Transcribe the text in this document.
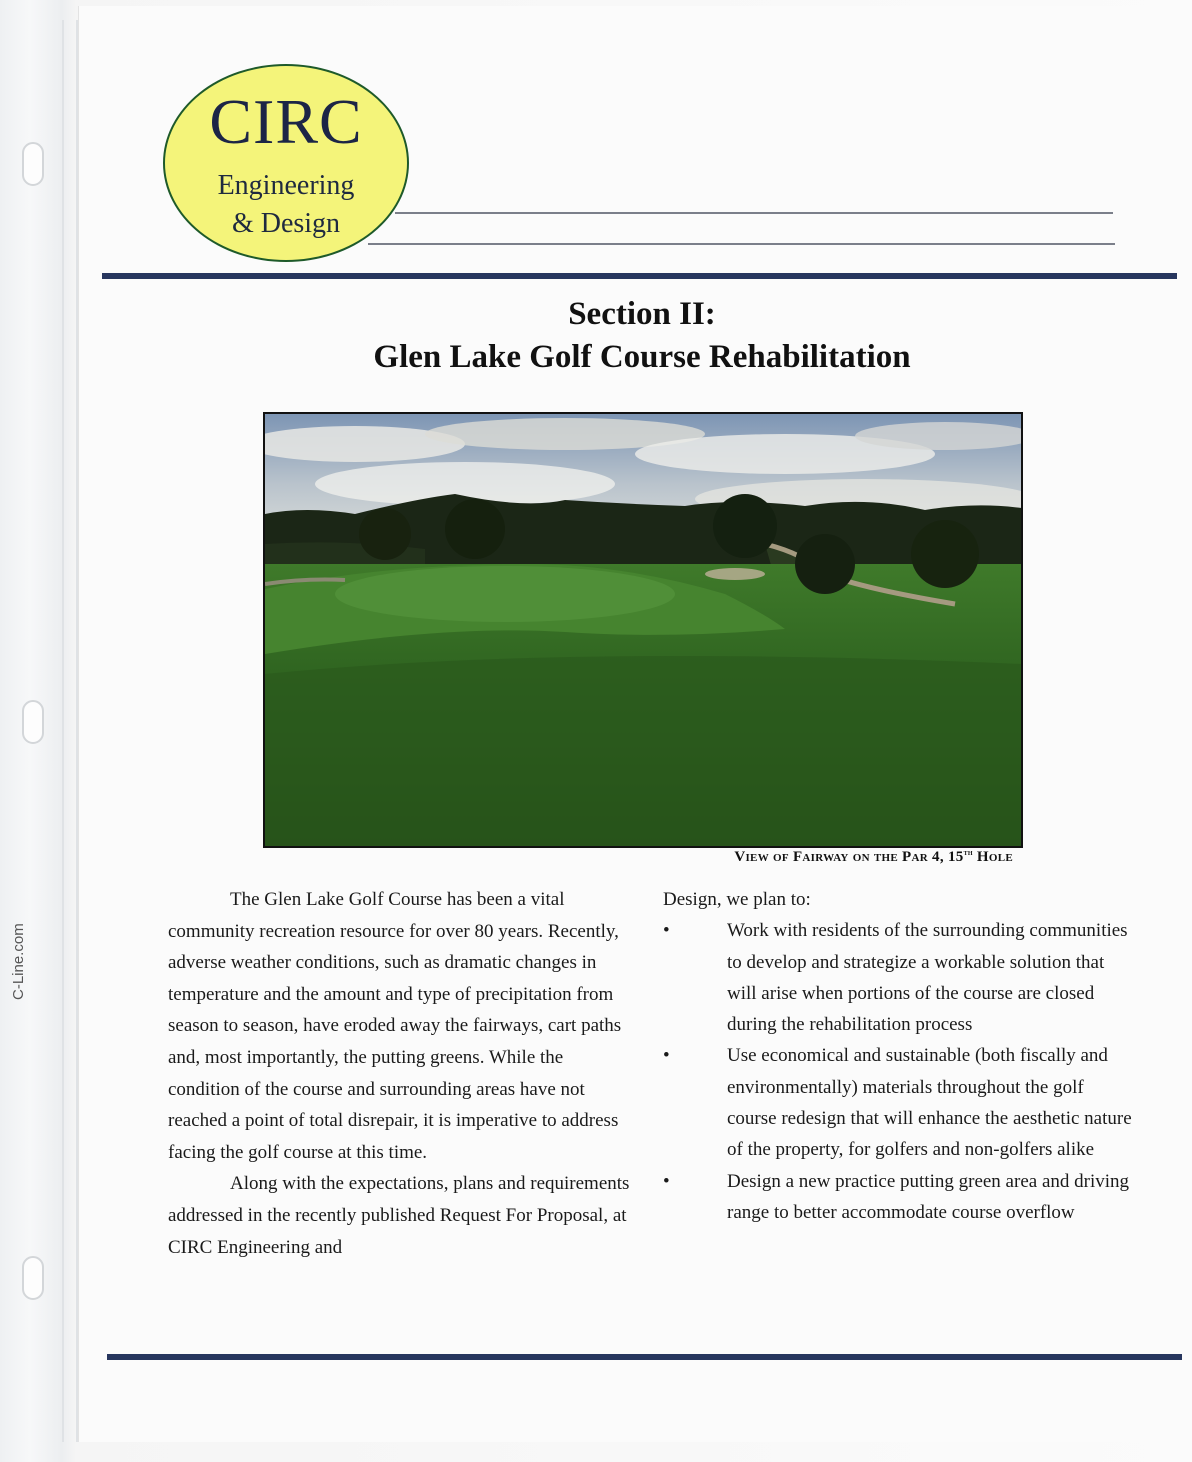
C-Line.com
CIRC
Engineering
& Design
Section II:
Glen Lake Golf Course Rehabilitation
View of Fairway on the Par 4, 15th Hole

The Glen Lake Golf Course has been a vital community recreation resource for over 80 years. Recently, adverse weather conditions, such as dramatic changes in temperature and the amount and type of precipitation from season to season, have eroded away the fairways, cart paths and, most importantly, the putting greens. While the condition of the course and surrounding areas have not reached a point of total disrepair, it is imperative to address facing the golf course at this time.

Along with the expectations, plans and requirements addressed in the recently published Request For Proposal, at CIRC Engineering and

Design, we plan to:

•	Work with residents of the surrounding communities to develop and strategize a workable solution that will arise when portions of the course are closed during the rehabilitation process
•	Use economical and sustainable (both fiscally and environmentally) materials throughout the golf course redesign that will enhance the aesthetic nature of the property, for golfers and non-golfers alike
•	Design a new practice putting green area and driving range to better accommodate course overflow
